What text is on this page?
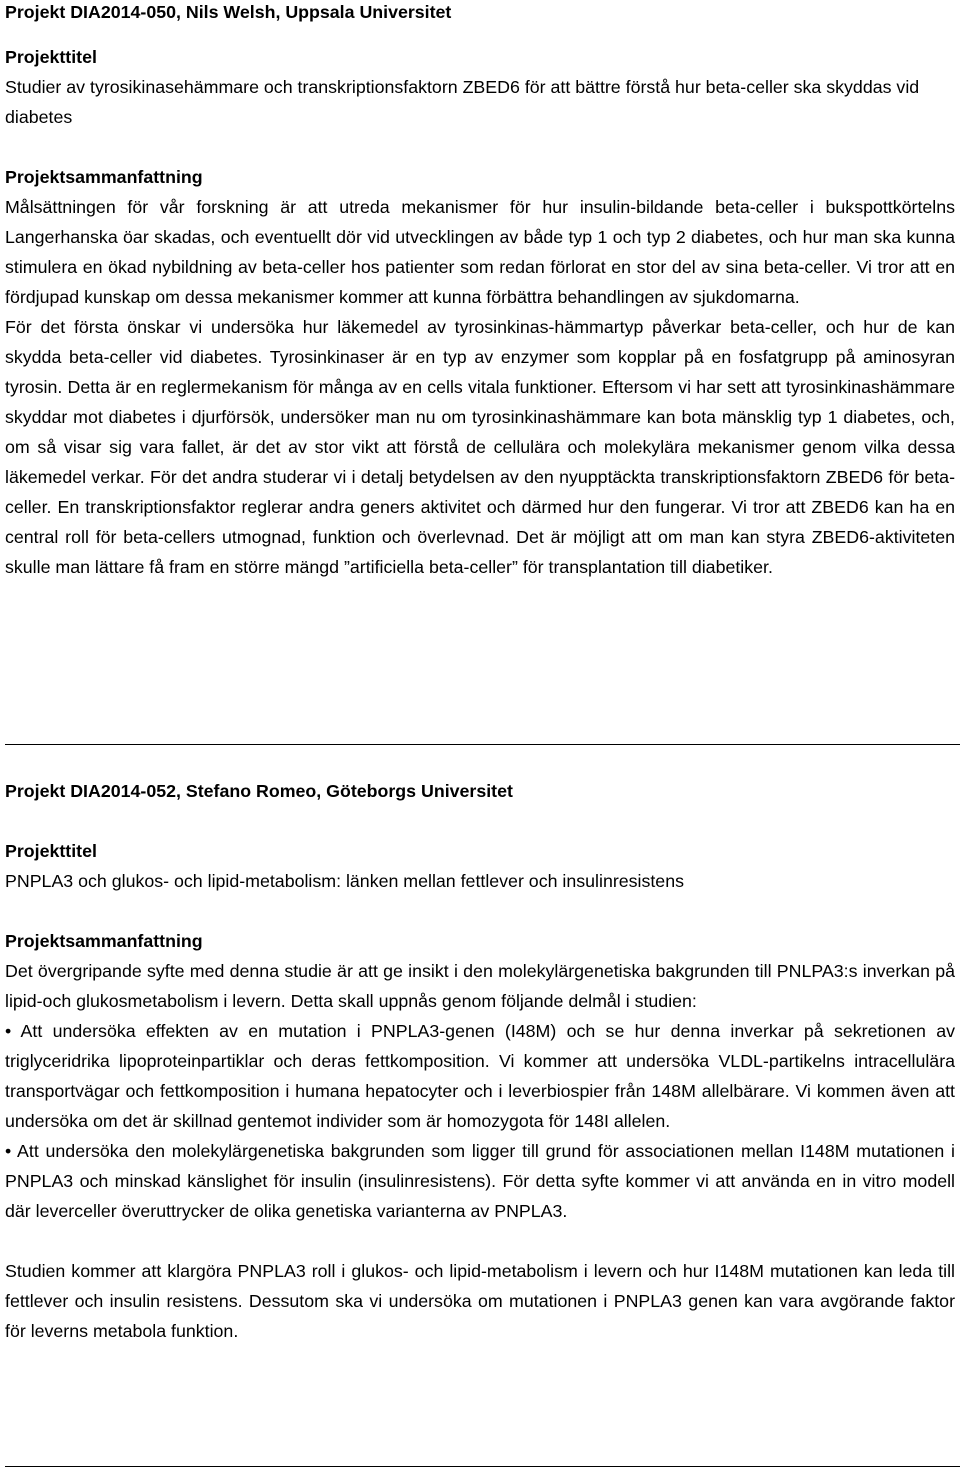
Projekt DIA2014-050, Nils Welsh, Uppsala Universitet

Projekttitel

Studier av tyrosikinasehämmare och transkriptionsfaktorn ZBED6 för att bättre förstå hur beta-celler ska skyddas vid diabetes

Projektsammanfattning

Målsättningen för vår forskning är att utreda mekanismer för hur insulin-bildande beta-celler i bukspottkörtelns Langerhanska öar skadas, och eventuellt dör vid utvecklingen av både typ 1 och typ 2 diabetes, och hur man ska kunna stimulera en ökad nybildning av beta-celler hos patienter som redan förlorat en stor del av sina beta-celler. Vi tror att en fördjupad kunskap om dessa mekanismer kommer att kunna förbättra behandlingen av sjukdomarna.

För det första önskar vi undersöka hur läkemedel av tyrosinkinas-hämmartyp påverkar beta-celler, och hur de kan skydda beta-celler vid diabetes. Tyrosinkinaser är en typ av enzymer som kopplar på en fosfatgrupp på aminosyran tyrosin. Detta är en reglermekanism för många av en cells vitala funktioner. Eftersom vi har sett att tyrosinkinashämmare skyddar mot diabetes i djurförsök, undersöker man nu om tyrosinkinashämmare kan bota mänsklig typ 1 diabetes, och, om så visar sig vara fallet, är det av stor vikt att förstå de cellulära och molekylära mekanismer genom vilka dessa läkemedel verkar. För det andra studerar vi i detalj betydelsen av den nyupptäckta transkriptionsfaktorn ZBED6 för beta-celler. En transkriptionsfaktor reglerar andra geners aktivitet och därmed hur den fungerar. Vi tror att ZBED6 kan ha en central roll för beta-cellers utmognad, funktion och överlevnad. Det är möjligt att om man kan styra ZBED6-aktiviteten skulle man lättare få fram en större mängd ”artificiella beta-celler” för transplantation till diabetiker.

Projekt DIA2014-052, Stefano Romeo, Göteborgs Universitet

Projekttitel

PNPLA3 och glukos- och lipid-metabolism: länken mellan fettlever och insulinresistens

Projektsammanfattning

Det övergripande syfte med denna studie är att ge insikt i den molekylärgenetiska bakgrunden till PNLPA3:s inverkan på lipid-och glukosmetabolism i levern. Detta skall uppnås genom följande delmål i studien:

• Att undersöka effekten av en mutation i PNPLA3-genen (I48M) och se hur denna inverkar på sekretionen av triglyceridrika lipoproteinpartiklar och deras fettkomposition. Vi kommer att undersöka VLDL-partikelns intracellulära transportvägar och fettkomposition i humana hepatocyter och i leverbiospier från 148M allelbärare. Vi kommen även att undersöka om det är skillnad gentemot individer som är homozygota för 148I allelen.

• Att undersöka den molekylärgenetiska bakgrunden som ligger till grund för associationen mellan I148M mutationen i PNPLA3 och minskad känslighet för insulin (insulinresistens). För detta syfte kommer vi att använda en in vitro modell där leverceller överuttrycker de olika genetiska varianterna av PNPLA3.

Studien kommer att klargöra PNPLA3 roll i glukos- och lipid-metabolism i levern och hur I148M mutationen kan leda till fettlever och insulin resistens. Dessutom ska vi undersöka om mutationen i PNPLA3 genen kan vara avgörande faktor för leverns metabola funktion.
